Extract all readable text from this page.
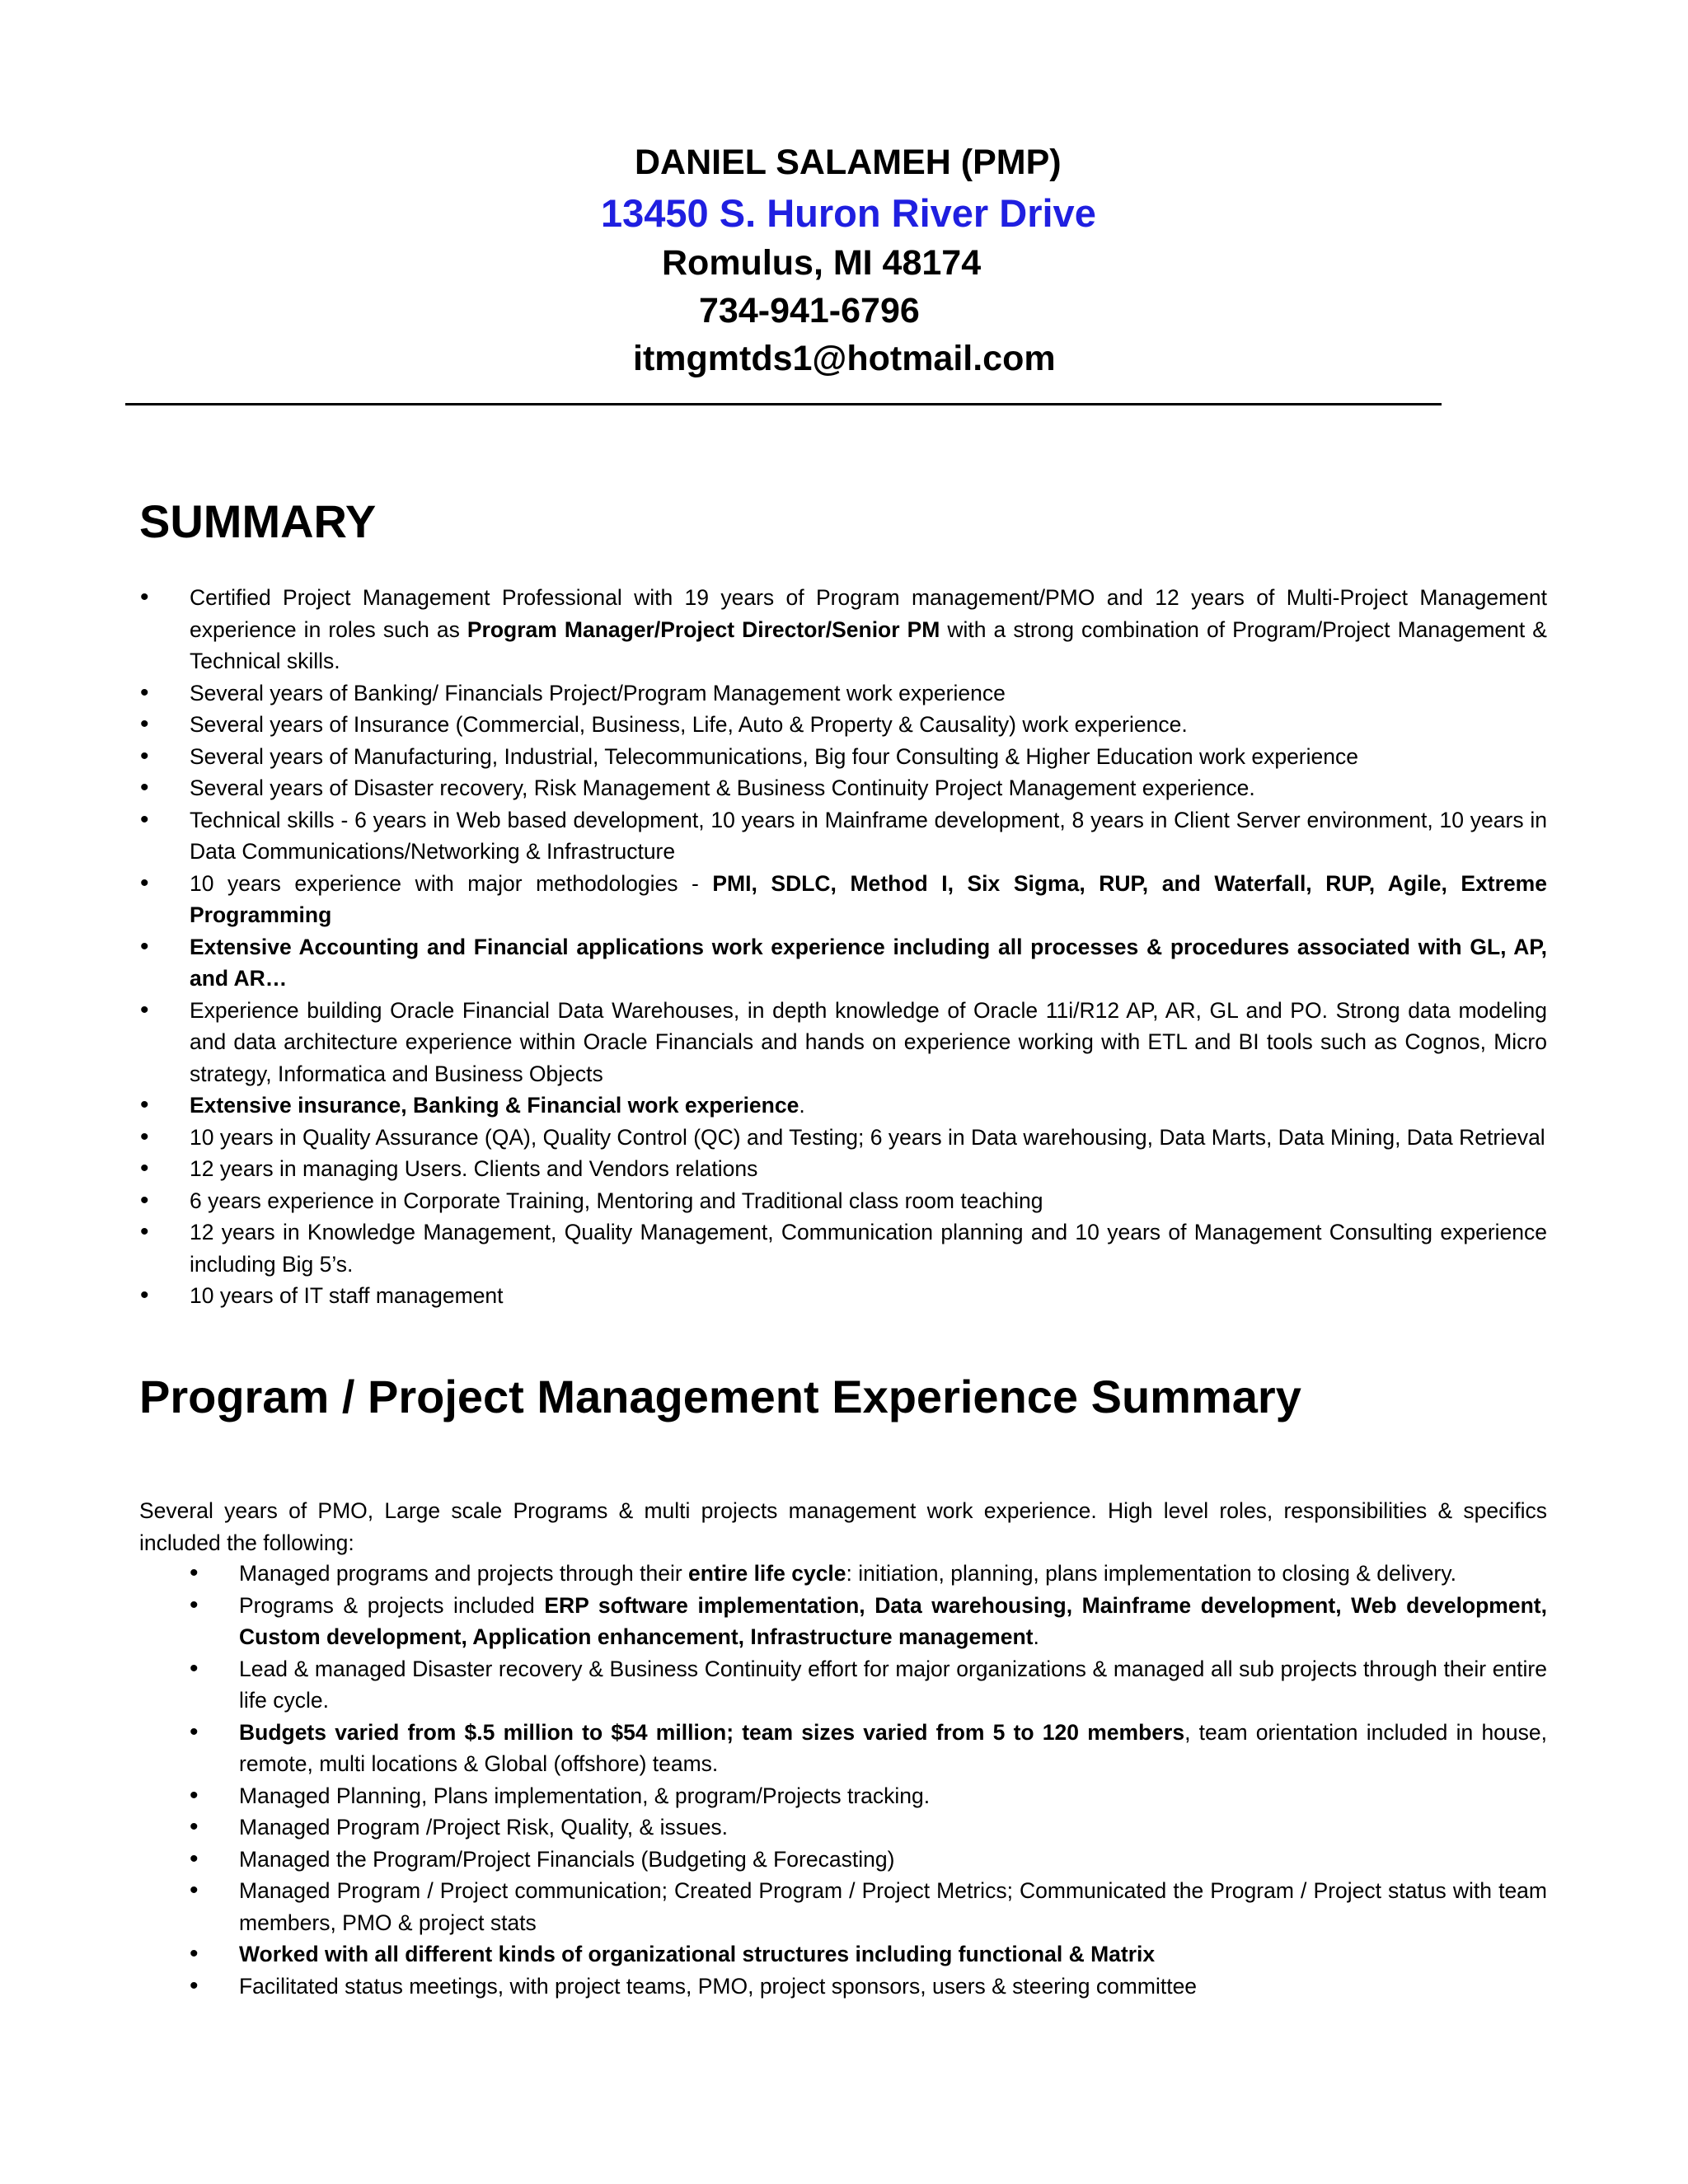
DANIEL SALAMEH (PMP)
13450 S. Huron River Drive
Romulus, MI 48174
734-941-6796
itmgmtds1@hotmail.com
SUMMARY
• Certified Project Management Professional with 19 years of Program management/PMO and 12 years of Multi-Project Management experience in roles such as Program Manager/Project Director/Senior PM with a strong combination of Program/Project Management & Technical skills.
• Several years of Banking/ Financials Project/Program Management work experience
• Several years of Insurance (Commercial, Business, Life, Auto & Property & Causality) work experience.
• Several years of Manufacturing, Industrial, Telecommunications, Big four Consulting & Higher Education work experience
• Several years of Disaster recovery, Risk Management & Business Continuity Project Management experience.
• Technical skills - 6 years in Web based development, 10 years in Mainframe development, 8 years in Client Server environment, 10 years in Data Communications/Networking & Infrastructure
• 10 years experience with major methodologies - PMI, SDLC, Method I, Six Sigma, RUP, and Waterfall, RUP, Agile, Extreme Programming
• Extensive Accounting and Financial applications work experience including all processes & procedures associated with GL, AP, and AR…
• Experience building Oracle Financial Data Warehouses, in depth knowledge of Oracle 11i/R12 AP, AR, GL and PO. Strong data modeling and data architecture experience within Oracle Financials and hands on experience working with ETL and BI tools such as Cognos, Micro strategy, Informatica and Business Objects
• Extensive insurance, Banking & Financial work experience.
• 10 years in Quality Assurance (QA), Quality Control (QC) and Testing; 6 years in Data warehousing, Data Marts, Data Mining, Data Retrieval
• 12 years in managing Users. Clients and Vendors relations
• 6 years experience in Corporate Training, Mentoring and Traditional class room teaching
• 12 years in Knowledge Management, Quality Management, Communication planning and 10 years of Management Consulting experience including Big 5’s.
• 10 years of IT staff management
Program / Project Management Experience Summary

Several years of PMO, Large scale Programs & multi projects management work experience. High level roles, responsibilities & specifics included the following:

• Managed programs and projects through their entire life cycle: initiation, planning, plans implementation to closing & delivery.
• Programs & projects included ERP software implementation, Data warehousing, Mainframe development, Web development, Custom development, Application enhancement, Infrastructure management.
• Lead & managed Disaster recovery & Business Continuity effort for major organizations & managed all sub projects through their entire life cycle.
• Budgets varied from $.5 million to $54 million; team sizes varied from 5 to 120 members, team orientation included in house, remote, multi locations & Global (offshore) teams.
• Managed Planning, Plans implementation, & program/Projects tracking.
• Managed Program /Project Risk, Quality, & issues.
• Managed the Program/Project Financials (Budgeting & Forecasting)
• Managed Program / Project communication; Created Program / Project Metrics; Communicated the Program / Project status with team members, PMO & project stats
• Worked with all different kinds of organizational structures including functional & Matrix
• Facilitated status meetings, with project teams, PMO, project sponsors, users & steering committee
